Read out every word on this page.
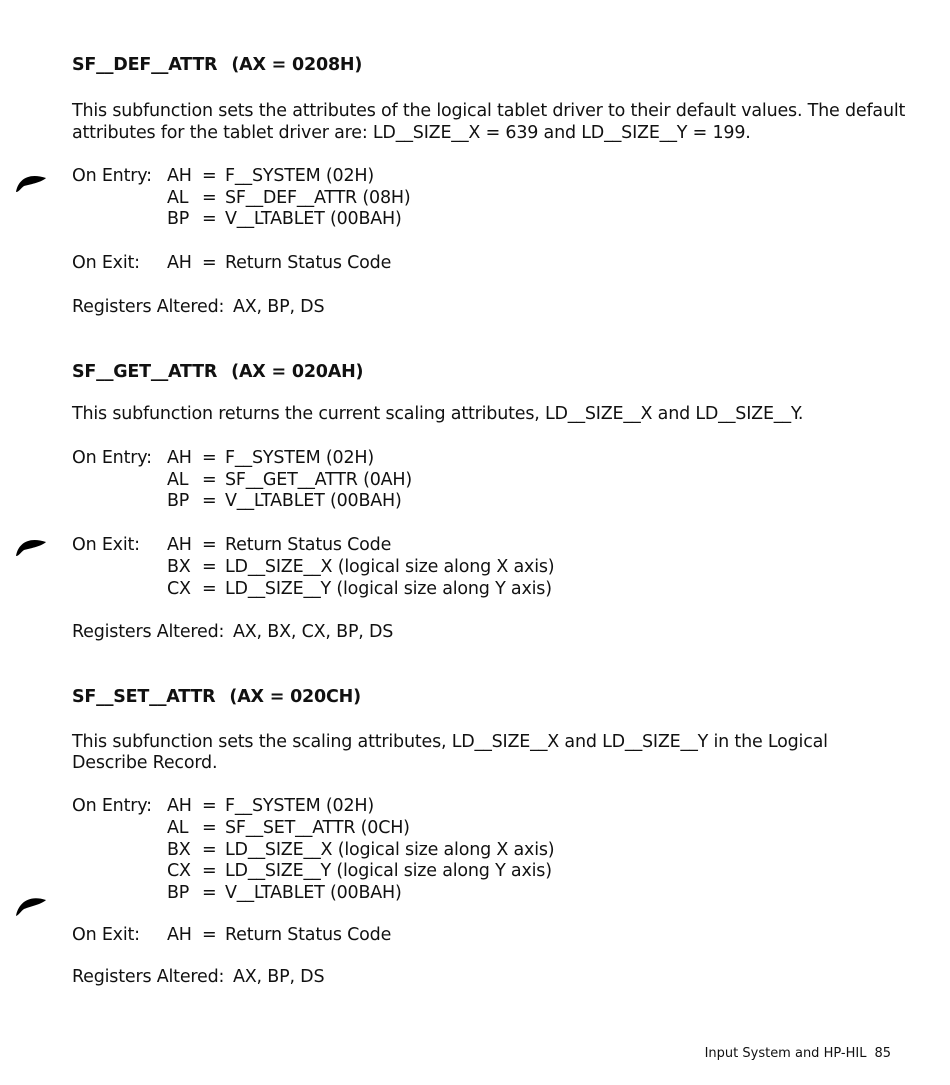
SF__DEF__ATTR (AX = 0208H)
This subfunction sets the attributes of the logical tablet driver to their default values. The default
attributes for the tablet driver are: LD__SIZE__X = 639 and LD__SIZE__Y = 199.
On Entry: AH = F__SYSTEM (02H)
AL = SF__DEF__ATTR (08H)
BP = V__LTABLET (00BAH)
On Exit: AH = Return Status Code
Registers Altered: AX, BP, DS
SF__GET__ATTR (AX = 020AH)
This subfunction returns the current scaling attributes, LD__SIZE__X and LD__SIZE__Y.
On Entry: AH = F__SYSTEM (02H)
AL = SF__GET__ATTR (0AH)
BP = V__LTABLET (00BAH)
On Exit: AH = Return Status Code
BX = LD__SIZE__X (logical size along X axis)
CX = LD__SIZE__Y (logical size along Y axis)
Registers Altered: AX, BX, CX, BP, DS
SF__SET__ATTR (AX = 020CH)
This subfunction sets the scaling attributes, LD__SIZE__X and LD__SIZE__Y in the Logical
Describe Record.
On Entry: AH = F__SYSTEM (02H)
AL = SF__SET__ATTR (0CH)
BX = LD__SIZE__X (logical size along X axis)
CX = LD__SIZE__Y (logical size along Y axis)
BP = V__LTABLET (00BAH)
On Exit: AH = Return Status Code
Registers Altered: AX, BP, DS
Input System and HP-HIL 85
